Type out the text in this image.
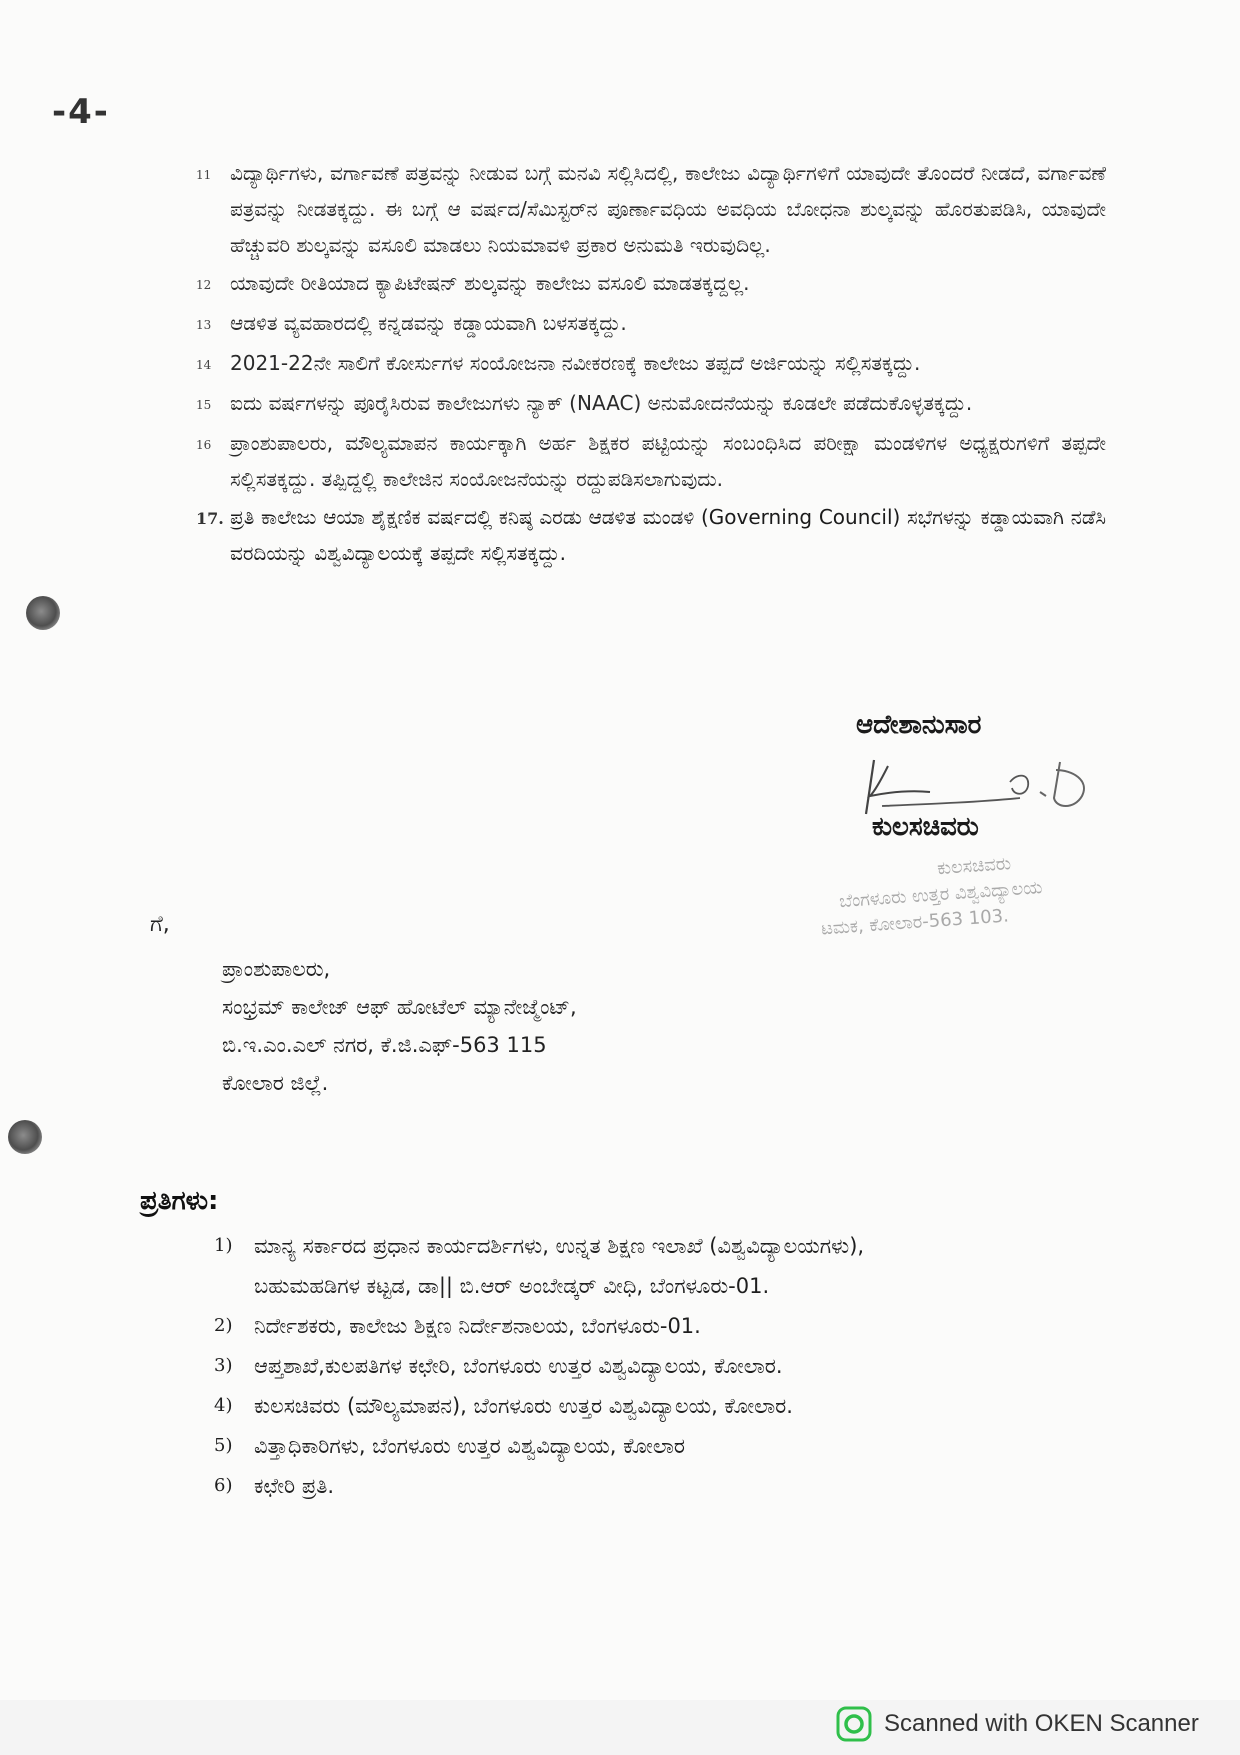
-4-
11 ವಿದ್ಯಾರ್ಥಿಗಳು, ವರ್ಗಾವಣೆ ಪತ್ರವನ್ನು ನೀಡುವ ಬಗ್ಗೆ ಮನವಿ ಸಲ್ಲಿಸಿದಲ್ಲಿ, ಕಾಲೇಜು ವಿದ್ಯಾರ್ಥಿಗಳಿಗೆ ಯಾವುದೇ ತೊಂದರೆ ನೀಡದೆ, ವರ್ಗಾವಣೆ ಪತ್ರವನ್ನು ನೀಡತಕ್ಕದ್ದು. ಈ ಬಗ್ಗೆ ಆ ವರ್ಷದ/ಸೆಮಿಸ್ಟರ್‌ನ ಪೂರ್ಣಾವಧಿಯ ಅವಧಿಯ ಬೋಧನಾ ಶುಲ್ಕವನ್ನು ಹೊರತುಪಡಿಸಿ, ಯಾವುದೇ ಹೆಚ್ಚುವರಿ ಶುಲ್ಕವನ್ನು ವಸೂಲಿ ಮಾಡಲು ನಿಯಮಾವಳಿ ಪ್ರಕಾರ ಅನುಮತಿ ಇರುವುದಿಲ್ಲ.
12 ಯಾವುದೇ ರೀತಿಯಾದ ಕ್ಯಾಪಿಟೇಷನ್ ಶುಲ್ಕವನ್ನು ಕಾಲೇಜು ವಸೂಲಿ ಮಾಡತಕ್ಕದ್ದಲ್ಲ.
13 ಆಡಳಿತ ವ್ಯವಹಾರದಲ್ಲಿ ಕನ್ನಡವನ್ನು ಕಡ್ಡಾಯವಾಗಿ ಬಳಸತಕ್ಕದ್ದು.
14 2021-22ನೇ ಸಾಲಿಗೆ ಕೋರ್ಸುಗಳ ಸಂಯೋಜನಾ ನವೀಕರಣಕ್ಕೆ ಕಾಲೇಜು ತಪ್ಪದೆ ಅರ್ಜಿಯನ್ನು ಸಲ್ಲಿಸತಕ್ಕದ್ದು.
15 ಐದು ವರ್ಷಗಳನ್ನು ಪೂರೈಸಿರುವ ಕಾಲೇಜುಗಳು ನ್ಯಾಕ್ (NAAC) ಅನುಮೋದನೆಯನ್ನು ಕೂಡಲೇ ಪಡೆದುಕೊಳ್ಳತಕ್ಕದ್ದು.
16 ಪ್ರಾಂಶುಪಾಲರು, ಮೌಲ್ಯಮಾಪನ ಕಾರ್ಯಕ್ಕಾಗಿ ಅರ್ಹ ಶಿಕ್ಷಕರ ಪಟ್ಟಿಯನ್ನು ಸಂಬಂಧಿಸಿದ ಪರೀಕ್ಷಾ ಮಂಡಳಿಗಳ ಅಧ್ಯಕ್ಷರುಗಳಿಗೆ ತಪ್ಪದೇ ಸಲ್ಲಿಸತಕ್ಕದ್ದು. ತಪ್ಪಿದ್ದಲ್ಲಿ ಕಾಲೇಜಿನ ಸಂಯೋಜನೆಯನ್ನು ರದ್ದುಪಡಿಸಲಾಗುವುದು.
17. ಪ್ರತಿ ಕಾಲೇಜು ಆಯಾ ಶೈಕ್ಷಣಿಕ ವರ್ಷದಲ್ಲಿ ಕನಿಷ್ಠ ಎರಡು ಆಡಳಿತ ಮಂಡಳಿ (Governing Council) ಸಭೆಗಳನ್ನು ಕಡ್ಡಾಯವಾಗಿ ನಡೆಸಿ ವರದಿಯನ್ನು ವಿಶ್ವವಿದ್ಯಾಲಯಕ್ಕೆ ತಪ್ಪದೇ ಸಲ್ಲಿಸತಕ್ಕದ್ದು.
ಆದೇಶಾನುಸಾರ
ಕುಲಸಚಿವರು
ಕುಲಸಚಿವರು
ಬೆಂಗಳೂರು ಉತ್ತರ ವಿಶ್ವವಿದ್ಯಾಲಯ
ಟಮಕ, ಕೋಲಾರ-563 103.
ಗೆ,
ಪ್ರಾಂಶುಪಾಲರು,
ಸಂಭ್ರಮ್ ಕಾಲೇಜ್ ಆಫ್ ಹೋಟೆಲ್ ಮ್ಯಾನೇಜ್ಮೆಂಟ್,
ಬಿ.ಇ.ಎಂ.ಎಲ್ ನಗರ, ಕೆ.ಜಿ.ಎಫ್-563 115
ಕೋಲಾರ ಜಿಲ್ಲೆ.
ಪ್ರತಿಗಳು:
1)	ಮಾನ್ಯ ಸರ್ಕಾರದ ಪ್ರಧಾನ ಕಾರ್ಯದರ್ಶಿಗಳು, ಉನ್ನತ ಶಿಕ್ಷಣ ಇಲಾಖೆ (ವಿಶ್ವವಿದ್ಯಾಲಯಗಳು),
ಬಹುಮಹಡಿಗಳ ಕಟ್ಟಡ, ಡಾ|| ಬಿ.ಆರ್ ಅಂಬೇಡ್ಕರ್ ವೀಧಿ, ಬೆಂಗಳೂರು-01.
2)	ನಿರ್ದೇಶಕರು, ಕಾಲೇಜು ಶಿಕ್ಷಣ ನಿರ್ದೇಶನಾಲಯ, ಬೆಂಗಳೂರು-01.
3)	ಆಪ್ತಶಾಖೆ,ಕುಲಪತಿಗಳ ಕಛೇರಿ, ಬೆಂಗಳೂರು ಉತ್ತರ ವಿಶ್ವವಿದ್ಯಾಲಯ, ಕೋಲಾರ.
4)	ಕುಲಸಚಿವರು (ಮೌಲ್ಯಮಾಪನ), ಬೆಂಗಳೂರು ಉತ್ತರ ವಿಶ್ವವಿದ್ಯಾಲಯ, ಕೋಲಾರ.
5)	ವಿತ್ತಾಧಿಕಾರಿಗಳು, ಬೆಂಗಳೂರು ಉತ್ತರ ವಿಶ್ವವಿದ್ಯಾಲಯ, ಕೋಲಾರ
6)	ಕಛೇರಿ ಪ್ರತಿ.
Scanned with OKEN Scanner
